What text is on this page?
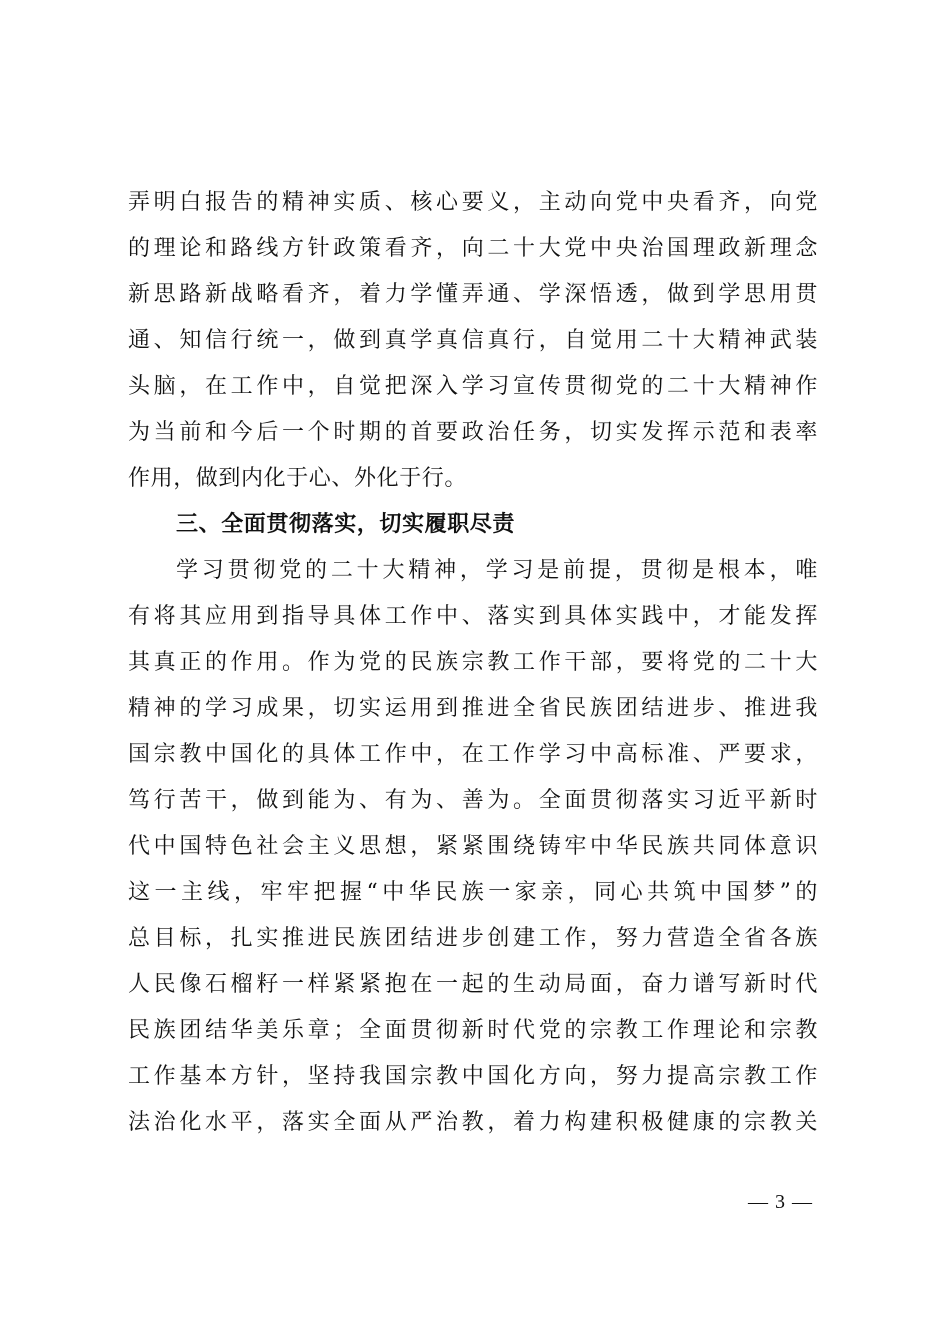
弄明白报告的精神实质、核心要义，主动向党中央看齐，向党
的理论和路线方针政策看齐，向二十大党中央治国理政新理念
新思路新战略看齐，着力学懂弄通、学深悟透，做到学思用贯
通、知信行统一，做到真学真信真行，自觉用二十大精神武装
头脑，在工作中，自觉把深入学习宣传贯彻党的二十大精神作
为当前和今后一个时期的首要政治任务，切实发挥示范和表率
作用，做到内化于心、外化于行。
三、全面贯彻落实，切实履职尽责
学习贯彻党的二十大精神，学习是前提，贯彻是根本，唯
有将其应用到指导具体工作中、落实到具体实践中，才能发挥
其真正的作用。作为党的民族宗教工作干部，要将党的二十大
精神的学习成果，切实运用到推进全省民族团结进步、推进我
国宗教中国化的具体工作中，在工作学习中高标准、严要求，
笃行苦干，做到能为、有为、善为。全面贯彻落实习近平新时
代中国特色社会主义思想，紧紧围绕铸牢中华民族共同体意识
这一主线，牢牢把握“中华民族一家亲，同心共筑中国梦”的
总目标，扎实推进民族团结进步创建工作，努力营造全省各族
人民像石榴籽一样紧紧抱在一起的生动局面，奋力谱写新时代
民族团结华美乐章；全面贯彻新时代党的宗教工作理论和宗教
工作基本方针，坚持我国宗教中国化方向，努力提高宗教工作
法治化水平，落实全面从严治教，着力构建积极健康的宗教关
— 3 —
